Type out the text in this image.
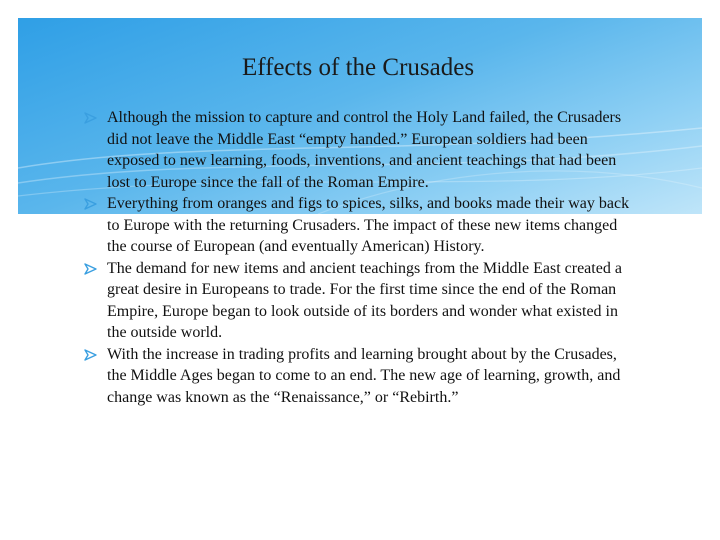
Effects of the Crusades
Although the mission to capture and control the Holy Land failed, the Crusaders did not leave the Middle East “empty handed.” European soldiers had been exposed to new learning, foods, inventions, and ancient teachings that had been lost to Europe since the fall of the Roman Empire.
Everything from oranges and figs to spices, silks, and books made their way back to Europe with the returning Crusaders. The impact of these new items changed the course of European (and eventually American) History.
The demand for new items and ancient teachings from the Middle East created a great desire in Europeans to trade. For the first time since the end of the Roman Empire, Europe began to look outside of its borders and wonder what existed in the outside world.
With the increase in trading profits and learning brought about by the Crusades, the Middle Ages began to come to an end. The new age of learning, growth, and change was known as the “Renaissance,” or “Rebirth.”
